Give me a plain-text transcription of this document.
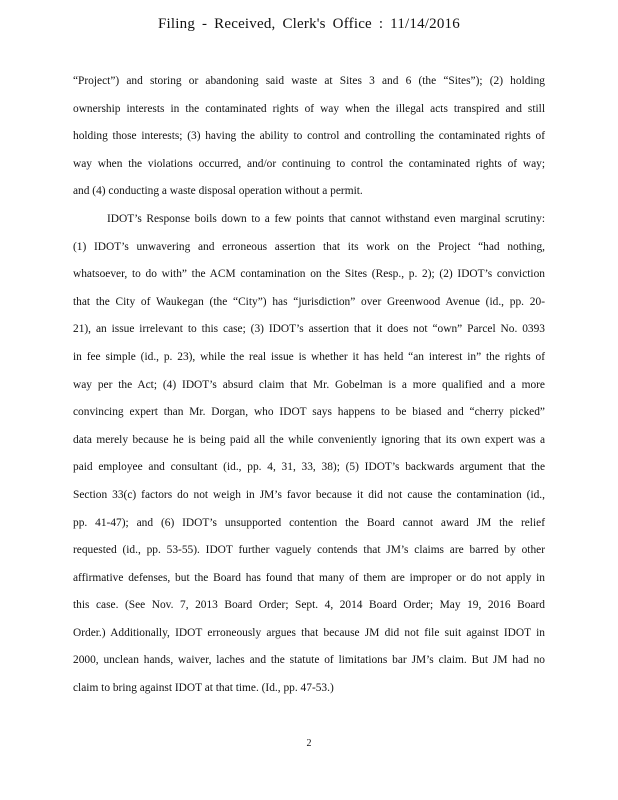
Filing - Received, Clerk's Office : 11/14/2016
“Project”) and storing or abandoning said waste at Sites 3 and 6 (the “Sites”); (2) holding
ownership interests in the contaminated rights of way when the illegal acts transpired and still
holding those interests; (3) having the ability to control and controlling the contaminated rights of
way when the violations occurred, and/or continuing to control the contaminated rights of way;
and (4) conducting a waste disposal operation without a permit.
IDOT’s Response boils down to a few points that cannot withstand even marginal scrutiny:
(1) IDOT’s unwavering and erroneous assertion that its work on the Project “had nothing,
whatsoever, to do with” the ACM contamination on the Sites (Resp., p. 2); (2) IDOT’s conviction
that the City of Waukegan (the “City”) has “jurisdiction” over Greenwood Avenue (id., pp. 20-
21), an issue irrelevant to this case; (3) IDOT’s assertion that it does not “own” Parcel No. 0393
in fee simple (id., p. 23), while the real issue is whether it has held “an interest in” the rights of
way per the Act; (4) IDOT’s absurd claim that Mr. Gobelman is a more qualified and a more
convincing expert than Mr. Dorgan, who IDOT says happens to be biased and “cherry picked”
data merely because he is being paid all the while conveniently ignoring that its own expert was a
paid employee and consultant (id., pp. 4, 31, 33, 38); (5) IDOT’s backwards argument that the
Section 33(c) factors do not weigh in JM’s favor because it did not cause the contamination (id.,
pp. 41-47); and (6) IDOT’s unsupported contention the Board cannot award JM the relief
requested (id., pp. 53-55). IDOT further vaguely contends that JM’s claims are barred by other
affirmative defenses, but the Board has found that many of them are improper or do not apply in
this case. (See Nov. 7, 2013 Board Order; Sept. 4, 2014 Board Order; May 19, 2016 Board
Order.) Additionally, IDOT erroneously argues that because JM did not file suit against IDOT in
2000, unclean hands, waiver, laches and the statute of limitations bar JM’s claim. But JM had no
claim to bring against IDOT at that time. (Id., pp. 47-53.)
2
